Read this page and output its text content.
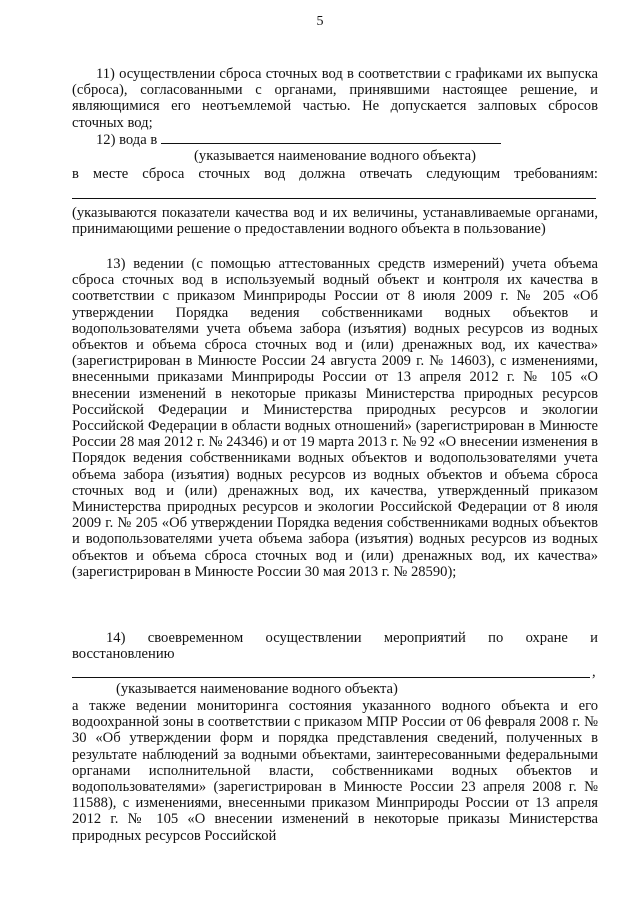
5

11) осуществлении сброса сточных вод в соответствии с графиками их выпуска (сброса), согласованными с органами, принявшими настоящее решение, и являющимися его неотъемлемой частью. Не допускается залповых сбросов сточных вод;

12) вода в
(указывается наименование водного объекта)
в месте сброса сточных вод должна отвечать следующим требованиям:

(указываются показатели качества вод и их величины, устанавливаемые органами, принимающими решение о предоставлении водного объекта в пользование)

13) ведении (с помощью аттестованных средств измерений) учета объема сброса сточных вод в используемый водный объект и контроля их качества в соответствии с приказом Минприроды России от 8 июля 2009 г. № 205 «Об утверждении Порядка ведения собственниками водных объектов и водопользователями учета объема забора (изъятия) водных ресурсов из водных объектов и объема сброса сточных вод и (или) дренажных вод, их качества» (зарегистрирован в Минюсте России 24 августа 2009 г. № 14603), с изменениями, внесенными приказами Минприроды России от 13 апреля 2012 г. № 105 «О внесении изменений в некоторые приказы Министерства природных ресурсов Российской Федерации и Министерства природных ресурсов и экологии Российской Федерации в области водных отношений» (зарегистрирован в Минюсте России 28 мая 2012 г. № 24346) и от 19 марта 2013 г. № 92 «О внесении изменения в Порядок ведения собственниками водных объектов и водопользователями учета объема забора (изъятия) водных ресурсов из водных объектов и объема сброса сточных вод и (или) дренажных вод, их качества, утвержденный приказом Министерства природных ресурсов и экологии Российской Федерации от 8 июля 2009 г. № 205 «Об утверждении Порядка ведения собственниками водных объектов и водопользователями учета объема забора (изъятия) водных ресурсов из водных объектов и объема сброса сточных вод и (или) дренажных вод, их качества» (зарегистрирован в Минюсте России 30 мая 2013 г. № 28590);

14) своевременном осуществлении мероприятий по охране и
восстановлению
,
(указывается наименование водного объекта)

а также ведении мониторинга состояния указанного водного объекта и его водоохранной зоны в соответствии с приказом МПР России от 06 февраля 2008 г. № 30 «Об утверждении форм и порядка представления сведений, полученных в результате наблюдений за водными объектами, заинтересованными федеральными органами исполнительной власти, собственниками водных объектов и водопользователями» (зарегистрирован в Минюсте России 23 апреля 2008 г. № 11588), с изменениями, внесенными приказом Минприроды России от 13 апреля 2012 г. № 105 «О внесении изменений в некоторые приказы Министерства природных ресурсов Российской
